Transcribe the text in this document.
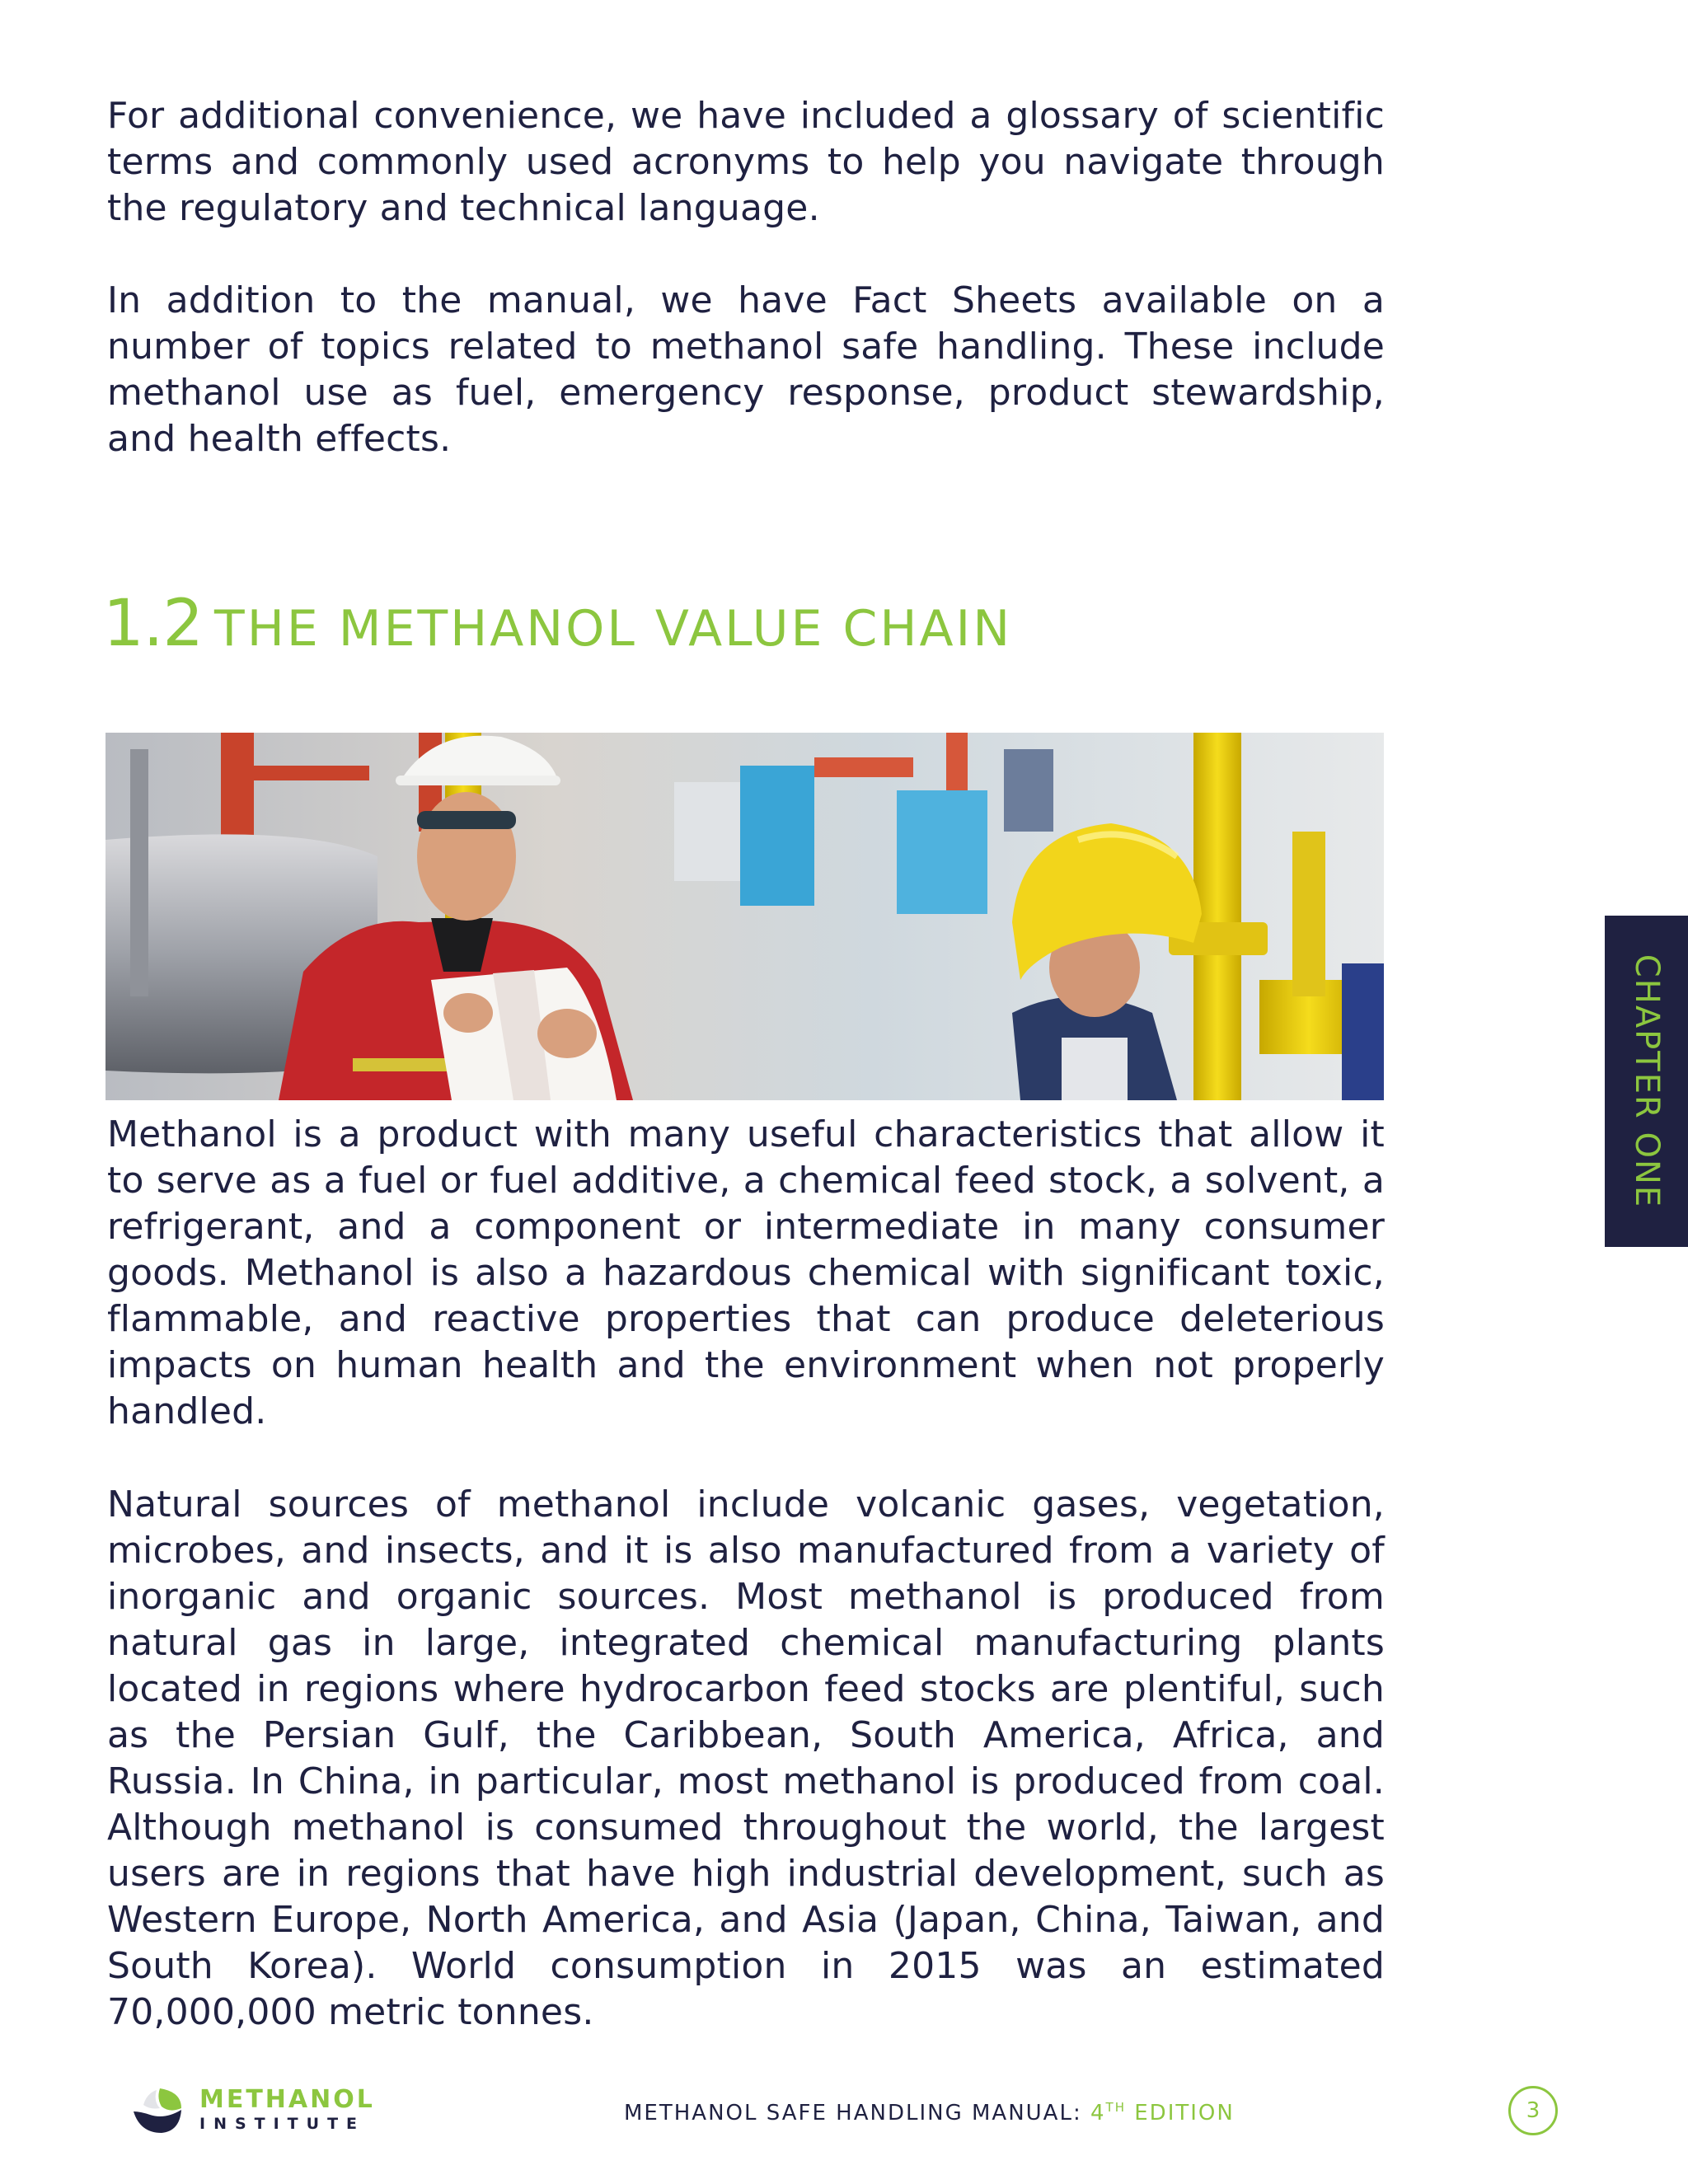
For additional convenience, we have included a glossary of scientific terms and commonly used acronyms to help you navigate through the regulatory and technical language.

In addition to the manual, we have Fact Sheets available on a number of topics related to methanol safe handling. These include methanol use as fuel, emergency response, product stewardship, and health effects.

1.2 THE METHANOL VALUE CHAIN

Methanol is a product with many useful characteristics that allow it to serve as a fuel or fuel additive, a chemical feed stock, a solvent, a refrigerant, and a component or intermediate in many consumer goods. Methanol is also a hazardous chemical with significant toxic, flammable, and reactive properties that can produce deleterious impacts on human health and the environment when not properly handled.

Natural sources of methanol include volcanic gases, vegetation, microbes, and insects, and it is also manufactured from a variety of inorganic and organic sources. Most methanol is produced from natural gas in large, integrated chemical manufacturing plants located in regions where hydrocarbon feed stocks are plentiful, such as the Persian Gulf, the Caribbean, South America, Africa, and Russia. In China, in particular, most methanol is produced from coal. Although methanol is consumed throughout the world, the largest users are in regions that have high industrial development, such as Western Europe, North America, and Asia (Japan, China, Taiwan, and South Korea). World consumption in 2015 was an estimated 70,000,000 metric tonnes.

CHAPTER ONE
METHANOL
INSTITUTE	METHANOL SAFE HANDLING MANUAL: 4TH EDITION	3
